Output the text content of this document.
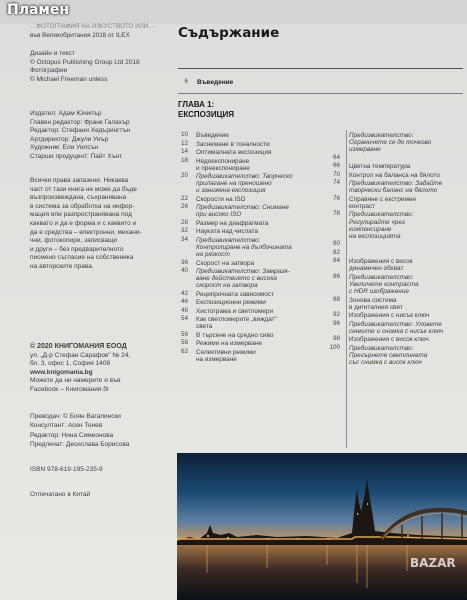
Пламен
…ФОТОГРАФИЯ НА ИЗКУСТВОТО ИЛИ…
във Великобритания 2018 от ILEX
Дизайн и текст
© Octopus Publishing Group Ltd 2018
Фотографии
© Michael Freeman unless
Издател: Адам Юнипър
Главен редактор: Франк Галахър
Редактор: Стефани Хедърингтън
Артдиректор: Джули Уиър
Художник: Ели Уилсън
Старши продуцент: Пайт Хънт
Всички права запазени. Никаква
част от тази книга не може да бъде
възпроизвеждана, съхранявана
в система за обработка на инфор-
мация или разпространявана под
каквато и да е форма и с каквито и
да е средства – електронни, механи-
чни, фотокопири, записващи
и други – без предварителното
писмено съгласие на собственика
на авторските права.
© 2020 КНИГОМАНИЯ ЕООД
ул. „Д-р Стефан Сарафов" № 24,
бл. 3, офис 1, София 1408
www.knigomania.bg
Можете да ни намерите и във
Facebook – Книгомания.бг
Преводач: © Боян Вагалински
Консултант: Асен Тонев
Редактор: Нина Симеонова
Предпечат: Десислава Борисова
ISBN 978-619-195-235-9
Отпечатано в Китай
Съдържание
6 Въведение
ГЛАВА 1:
ЕКСПОЗИЦИЯ
10 Въведение
12 Заснемане в тоналности
14 Оптималната експозиция
18 Недоекспониране
и преекспониране
20 Предизвикателство: Творческо
прилагане на преношено
и занижена експозиция
22 Скорости на ISO
26 Предизвикателство: Снимане
при високо ISO
28 Размер на диафрагмата
32 Науката над числата
34 Предизвикателство:
Контролиране на дълбочината
на рязкост
36 Скорост на затвора
40 Предизвикателство: Замразя-
ване действието с висока
скорост на затвора
42 Реципрочната зависимост
46 Експозиционни режими
48 Хистограма и светломери
54 Как светломерите „виждат"
света
56 В търсене на средно сиво
58 Режими на измерване
62 Селективни режими
на измерване
Предизвикателство:
Ограничете се до точково
измерване
64
66 Цветна температура
70 Контрол на баланса на бялото
74 Предизвикателство: Задайте
творчески баланс на бялото
76 Справяне с екстремен
контраст
78 Предизвикателство:
Регулирайте чрез
компенсиране
на експозицията
80
82
84 Изображения с висок
динамичен обхват
86 Предизвикателство:
Увеличете контраста
с HDR изображение
88 Зонова система
в дигиталния свят
92 Изображения с нисък ключ
96 Предизвикателство: Уловете
сенките и снимка с нисък ключ
98 Изображения с висок ключ
100 Предизвикателство:
Прегърнете светлината
със снимка с висок ключ
BAZAR
